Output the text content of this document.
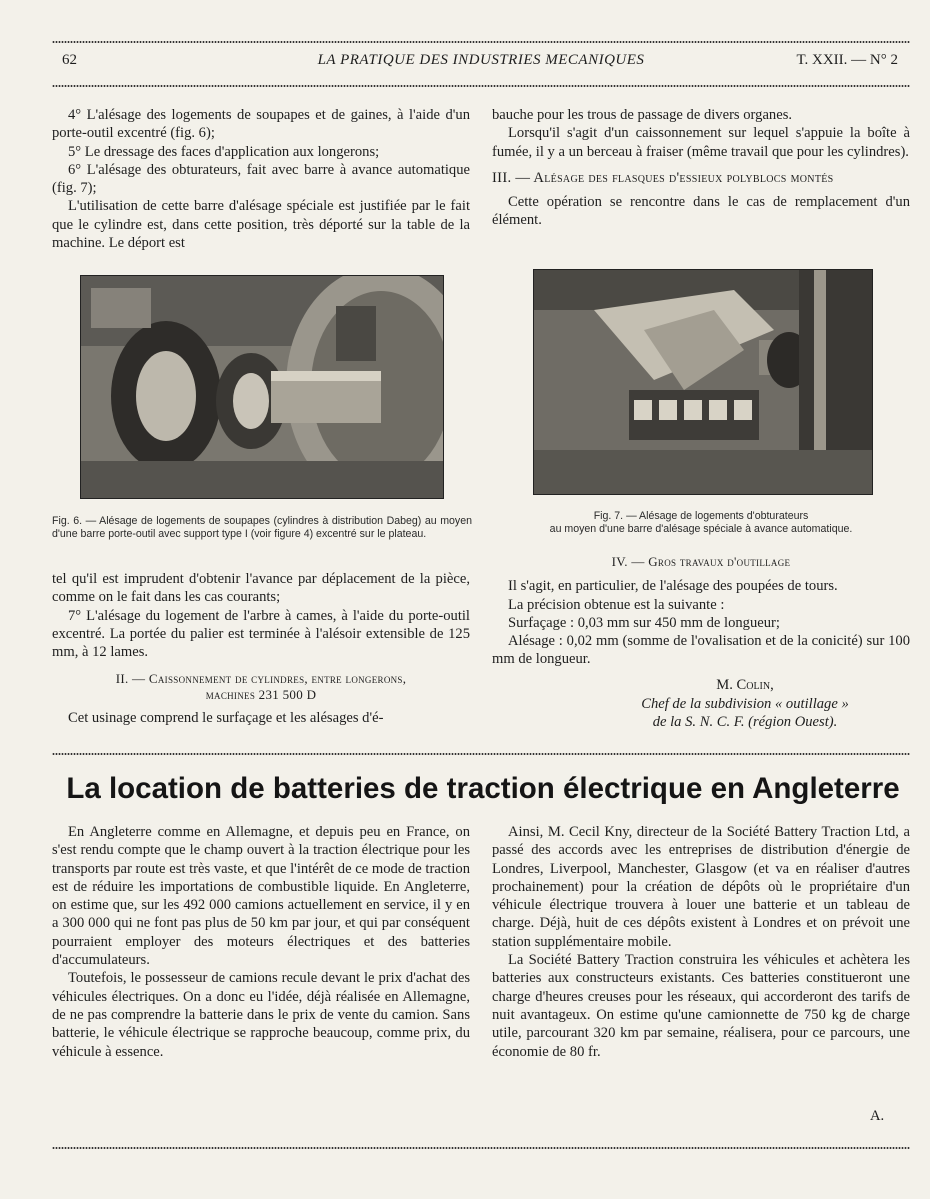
62	LA PRATIQUE DES INDUSTRIES MECANIQUES	T. XXII. — N° 2

4° L'alésage des logements de soupapes et de gaines, à l'aide d'un porte-outil excentré (fig. 6);

5° Le dressage des faces d'application aux longerons;

6° L'alésage des obturateurs, fait avec barre à avance automatique (fig. 7);

L'utilisation de cette barre d'alésage spéciale est justifiée par le fait que le cylindre est, dans cette position, très déporté sur la table de la machine. Le déport est

bauche pour les trous de passage de divers organes.

Lorsqu'il s'agit d'un caissonnement sur lequel s'appuie la boîte à fumée, il y a un berceau à fraiser (même travail que pour les cylindres).

III. — Alésage des flasques d'essieux polyblocs montés

Cette opération se rencontre dans le cas de remplacement d'un élément.

Fig. 6. — Alésage de logements de soupapes (cylindres à distribution Dabeg) au moyen d'une barre porte-outil avec support type I (voir figure 4) excentré sur le plateau.
Fig. 7. — Alésage de logements d'obturateurs
au moyen d'une barre d'alésage spéciale à avance automatique.

tel qu'il est imprudent d'obtenir l'avance par déplacement de la pièce, comme on le fait dans les cas courants;

7° L'alésage du logement de l'arbre à cames, à l'aide du porte-outil excentré. La portée du palier est terminée à l'alésoir extensible de 125 mm, à 12 lames.

II. — Caissonnement de cylindres, entre longerons,
machines 231 500 D

Cet usinage comprend le surfaçage et les alésages d'é-

IV. — Gros travaux d'outillage

Il s'agit, en particulier, de l'alésage des poupées de tours.

La précision obtenue est la suivante :

Surfaçage : 0,03 mm sur 450 mm de longueur;

Alésage : 0,02 mm (somme de l'ovalisation et de la conicité) sur 100 mm de longueur.

M. Colin,
Chef de la subdivision « outillage »
de la S. N. C. F. (région Ouest).
La location de batteries de traction électrique en Angleterre

En Angleterre comme en Allemagne, et depuis peu en France, on s'est rendu compte que le champ ouvert à la traction électrique pour les transports par route est très vaste, et que l'intérêt de ce mode de traction est de réduire les importations de combustible liquide. En Angleterre, on estime que, sur les 492 000 camions actuellement en service, il y en a 300 000 qui ne font pas plus de 50 km par jour, et qui par conséquent pourraient employer des moteurs électriques et des batteries d'accumulateurs.

Toutefois, le possesseur de camions recule devant le prix d'achat des véhicules électriques. On a donc eu l'idée, déjà réalisée en Allemagne, de ne pas comprendre la batterie dans le prix de vente du camion. Sans batterie, le véhicule électrique se rapproche beaucoup, comme prix, du véhicule à essence.

Ainsi, M. Cecil Kny, directeur de la Société Battery Traction Ltd, a passé des accords avec les entreprises de distribution d'énergie de Londres, Liverpool, Manchester, Glasgow (et va en réaliser d'autres prochainement) pour la création de dépôts où le propriétaire d'un véhicule électrique trouvera à louer une batterie et un tableau de charge. Déjà, huit de ces dépôts existent à Londres et on prévoit une station supplémentaire mobile.

La Société Battery Traction construira les véhicules et achètera les batteries aux constructeurs existants. Ces batteries constitueront une charge d'heures creuses pour les réseaux, qui accorderont des tarifs de nuit avantageux. On estime qu'une camionnette de 750 kg de charge utile, parcourant 320 km par semaine, réalisera, pour ce parcours, une économie de 80 fr.

A.
